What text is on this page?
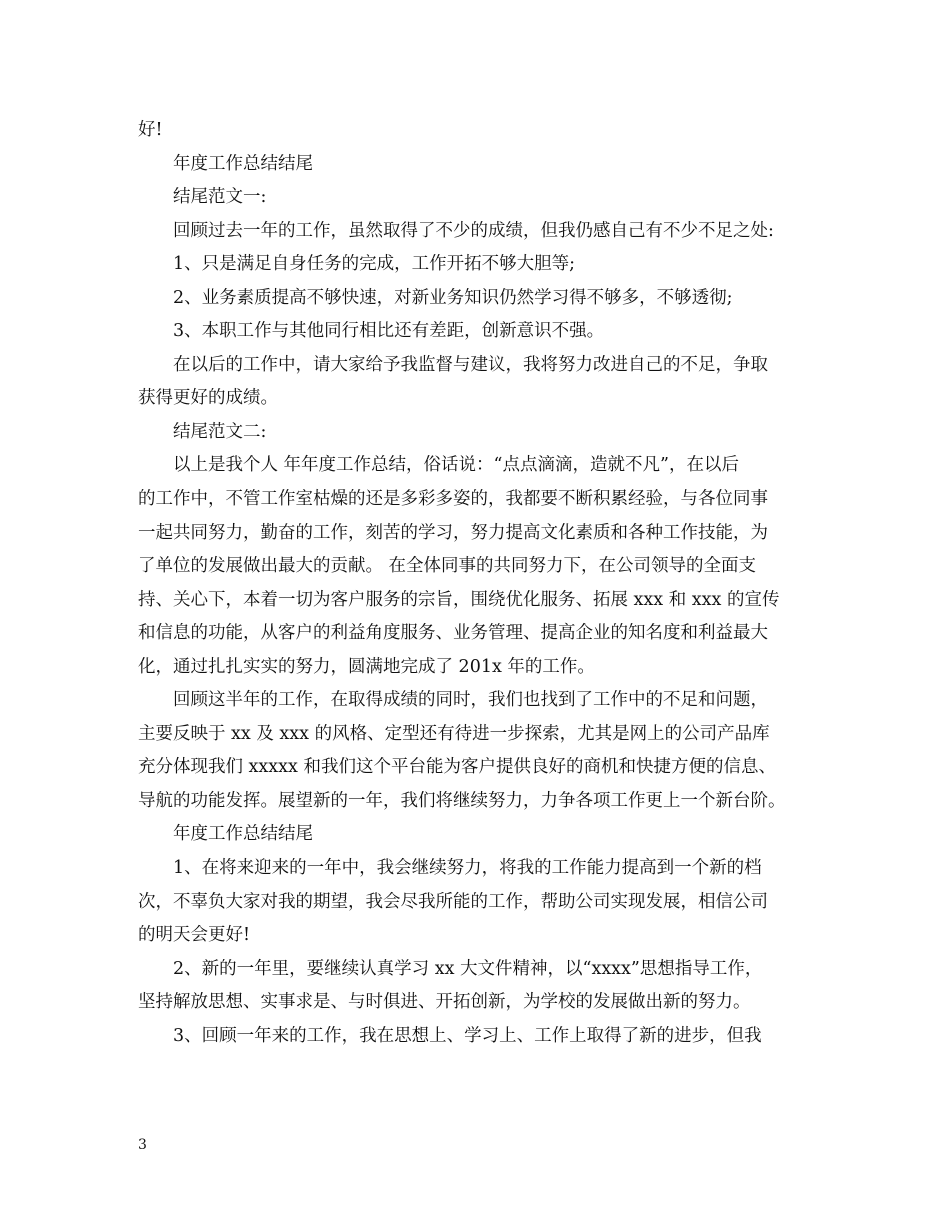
好!
年度工作总结结尾
结尾范文一:
回顾过去一年的工作，虽然取得了不少的成绩，但我仍感自己有不少不足之处:
1、只是满足自身任务的完成，工作开拓不够大胆等;
2、业务素质提高不够快速，对新业务知识仍然学习得不够多，不够透彻;
3、本职工作与其他同行相比还有差距，创新意识不强。
在以后的工作中，请大家给予我监督与建议，我将努力改进自己的不足，争取
获得更好的成绩。
结尾范文二:
以上是我个人 年年度工作总结，俗话说：“点点滴滴，造就不凡”，在以后
的工作中，不管工作室枯燥的还是多彩多姿的，我都要不断积累经验，与各位同事
一起共同努力，勤奋的工作，刻苦的学习，努力提高文化素质和各种工作技能，为
了单位的发展做出最大的贡献。 在全体同事的共同努力下，在公司领导的全面支
持、关心下，本着一切为客户服务的宗旨，围绕优化服务、拓展 xxx 和 xxx 的宣传
和信息的功能，从客户的利益角度服务、业务管理、提高企业的知名度和利益最大
化，通过扎扎实实的努力，圆满地完成了 201x 年的工作。
回顾这半年的工作，在取得成绩的同时，我们也找到了工作中的不足和问题，
主要反映于 xx 及 xxx 的风格、定型还有待进一步探索，尤其是网上的公司产品库
充分体现我们 xxxxx 和我们这个平台能为客户提供良好的商机和快捷方便的信息、
导航的功能发挥。展望新的一年，我们将继续努力，力争各项工作更上一个新台阶。
年度工作总结结尾
1、在将来迎来的一年中，我会继续努力，将我的工作能力提高到一个新的档
次，不辜负大家对我的期望，我会尽我所能的工作，帮助公司实现发展，相信公司
的明天会更好!
2、新的一年里，要继续认真学习 xx 大文件精神，以“xxxx”思想指导工作，
坚持解放思想、实事求是、与时俱进、开拓创新，为学校的发展做出新的努力。
3、回顾一年来的工作，我在思想上、学习上、工作上取得了新的进步，但我
3
